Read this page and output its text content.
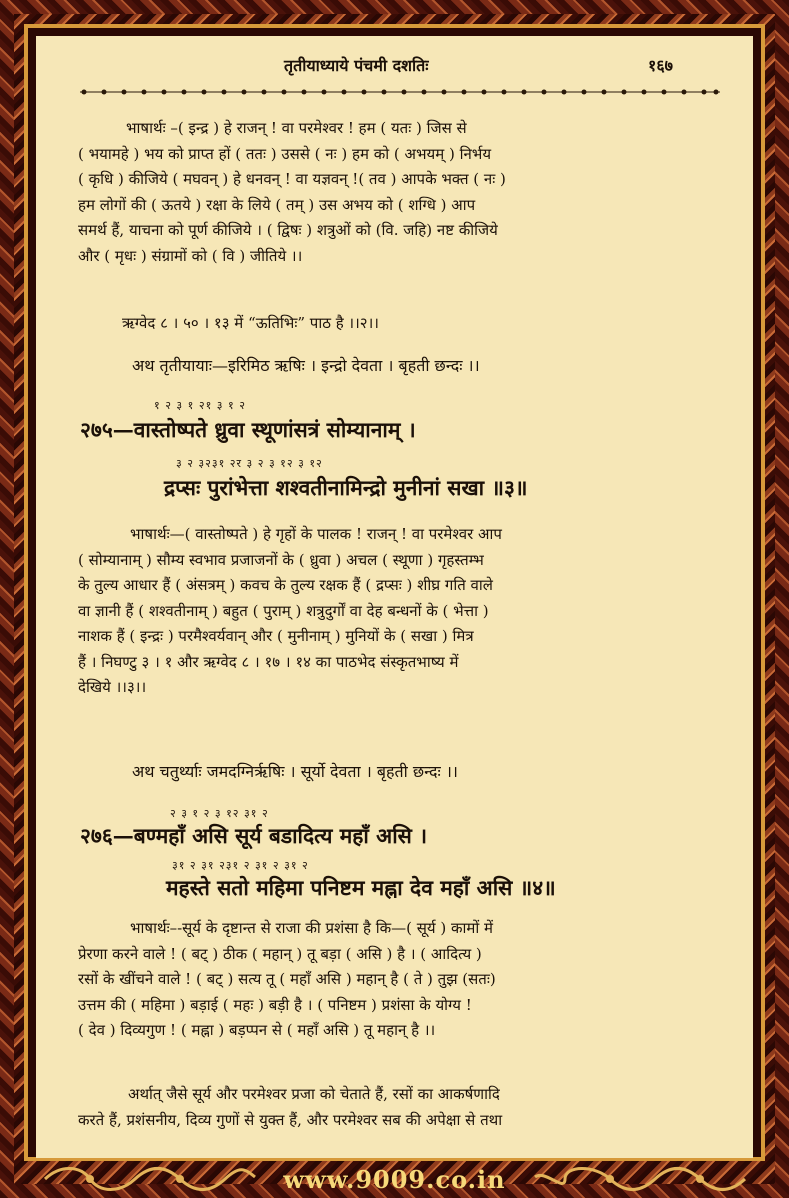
तृतीयाध्याये पंचमी दशतिः	१६७
भाषार्थः –( इन्द्र ) हे राजन् ! वा परमेश्वर ! हम ( यतः ) जिस से
( भयामहे ) भय को प्राप्त हों ( ततः ) उससे ( नः ) हम को ( अभयम् ) निर्भय
( कृधि ) कीजिये ( मघवन् ) हे धनवन् ! वा यज्ञवन् !( तव ) आपके भक्त ( नः )
हम लोगों की ( ऊतये ) रक्षा के लिये ( तम् ) उस अभय को ( शग्धि ) आप
समर्थ हैं, याचना को पूर्ण कीजिये । ( द्विषः ) शत्रुओं को (वि. जहि) नष्ट कीजिये
और ( मृधः ) संग्रामों को ( वि ) जीतिये ।।
ऋग्वेद ८ । ५० । १३ में “ऊतिभिः” पाठ है ।।२।।
अथ तृतीयायाः—इरिमिठ ऋषिः । इन्द्रो देवता । बृहती छन्दः ।।
१ २ ३ १ २१ ३ १ २
२७५—वास्तोष्पते ध्रुवा स्थूणांसत्रं सोम्यानाम् ।
३ २ ३२३१ २र ३ २ ३ १२ ३ १२
द्रप्सः पुरांभेत्ता शश्वतीनामिन्द्रो मुनीनां सखा ॥३॥
भाषार्थः—( वास्तोष्पते ) हे गृहों के पालक ! राजन् ! वा परमेश्वर आप
( सोम्यानाम् ) सौम्य स्वभाव प्रजाजनों के ( ध्रुवा ) अचल ( स्थूणा ) गृहस्तम्भ
के तुल्य आधार हैं ( अंसत्रम् ) कवच के तुल्य रक्षक हैं ( द्रप्सः ) शीघ्र गति वाले
वा ज्ञानी हैं ( शश्वतीनाम् ) बहुत ( पुराम् ) शत्रुदुर्गों वा देह बन्धनों के ( भेत्ता )
नाशक हैं ( इन्द्रः ) परमैश्वर्यवान् और ( मुनीनाम् ) मुनियों के ( सखा ) मित्र
हैं । निघण्टु ३ । १ और ऋग्वेद ८ । १७ । १४ का पाठभेद संस्कृतभाष्य में
देखिये ।।३।।
अथ चतुर्थ्याः जमदग्निर्ऋषिः । सूर्यो देवता । बृहती छन्दः ।।
२ ३ १ २ ३ १२ ३१ २
२७६—बण्महाँ असि सूर्य बडादित्य महाँ असि ।
३१ २ ३१ २३१ २ ३१ २ ३१ २
महस्ते सतो महिमा पनिष्टम मह्ना देव महाँ असि ॥४॥
भाषार्थः–-सूर्य के दृष्टान्त से राजा की प्रशंसा है कि—( सूर्य ) कामों में
प्रेरणा करने वाले ! ( बट् ) ठीक ( महान् ) तू बड़ा ( असि ) है । ( आदित्य )
रसों के खींचने वाले ! ( बट् ) सत्य तू ( महाँ असि ) महान् है ( ते ) तुझ (सतः)
उत्तम की ( महिमा ) बड़ाई ( महः ) बड़ी है । ( पनिष्टम ) प्रशंसा के योग्य !
( देव ) दिव्यगुण ! ( मह्ना ) बड़प्पन से ( महाँ असि ) तू महान् है ।।
अर्थात् जैसे सूर्य और परमेश्वर प्रजा को चेताते हैं, रसों का आकर्षणादि
करते हैं, प्रशंसनीय, दिव्य गुणों से युक्त हैं, और परमेश्वर सब की अपेक्षा से तथा
www.9009.co.in
